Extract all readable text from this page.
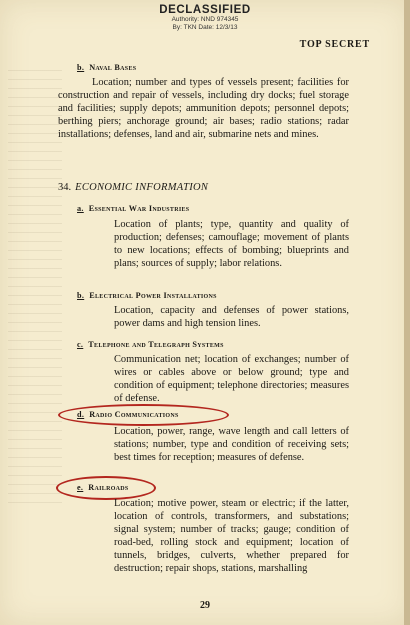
DECLASSIFIED
Authority: NND 974345
By: TKN Date: 12/3/13
TOP SECRET
b. Naval Bases
Location; number and types of vessels present; facilities for construction and repair of vessels, including dry docks; fuel storage and facilities; supply depots; ammunition depots; personnel depots; berthing piers; anchorage ground; air bases; radio stations; radar installations; defenses, land and air, submarine nets and mines.
34. ECONOMIC INFORMATION
a. Essential War Industries
Location of plants; type, quantity and quality of production; defenses; camouflage; movement of plants to new locations; effects of bombing; blueprints and plans; sources of supply; labor relations.
b. Electrical Power Installations
Location, capacity and defenses of power stations, power dams and high tension lines.
c. Telephone and Telegraph Systems
Communication net; location of exchanges; number of wires or cables above or below ground; type and condition of equipment; telephone directories; measures of defense.
d. Radio Communications
Location, power, range, wave length and call letters of stations; number, type and condition of receiving sets; best times for reception; measures of defense.
e. Railroads
Location; motive power, steam or electric; if the latter, location of controls, transformers, and substations; signal system; number of tracks; gauge; condition of road-bed, rolling stock and equipment; location of tunnels, bridges, culverts, whether prepared for destruction; repair shops, stations, marshalling
29
